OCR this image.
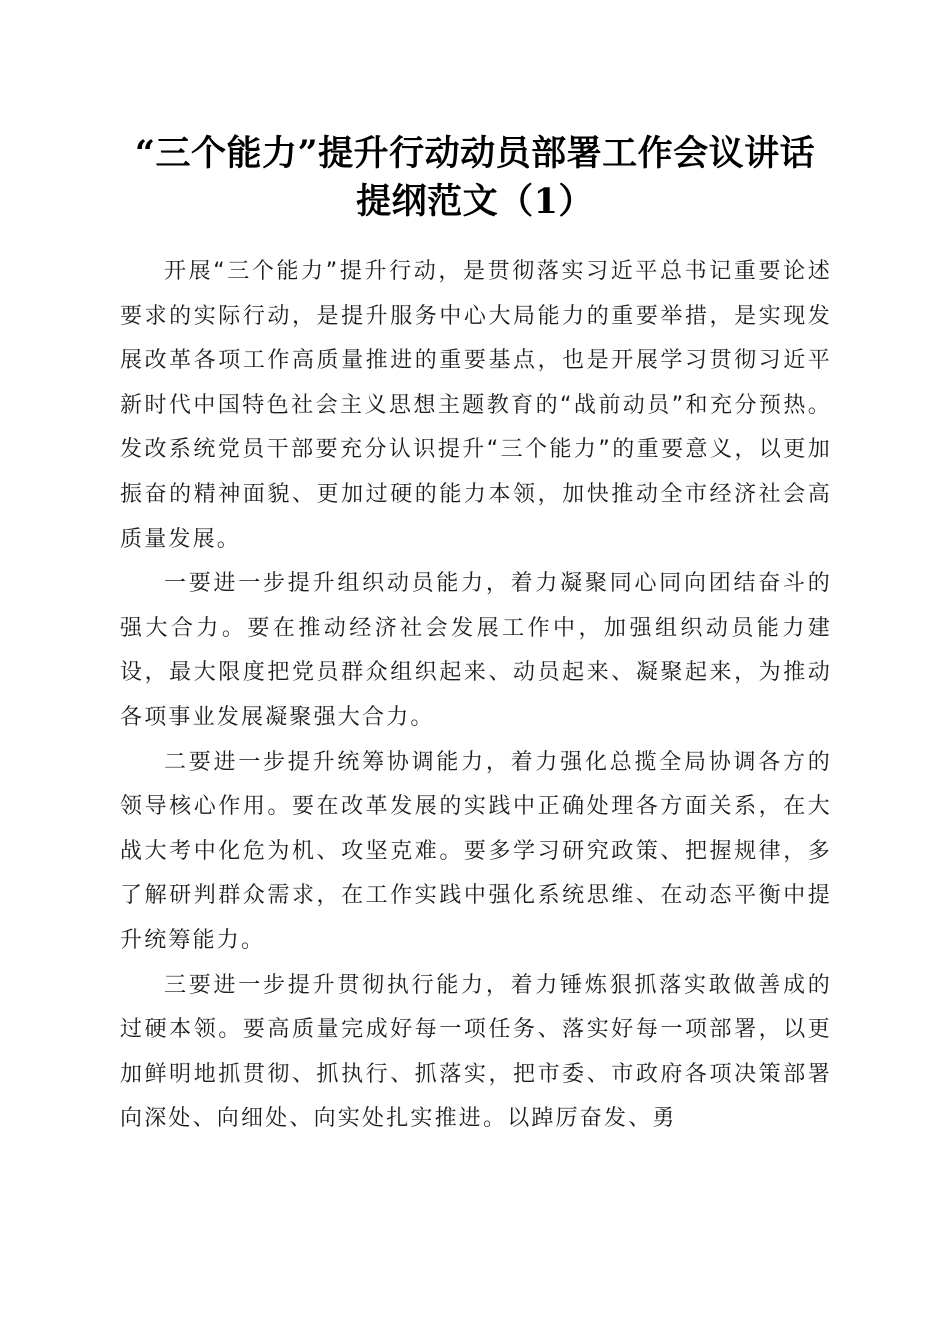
“三个能力”提升行动动员部署工作会议讲话
提纲范文（1）

开展“三个能力”提升行动，是贯彻落实习近平总书记重要论述要求的实际行动，是提升服务中心大局能力的重要举措，是实现发展改革各项工作高质量推进的重要基点，也是开展学习贯彻习近平新时代中国特色社会主义思想主题教育的“战前动员”和充分预热。发改系统党员干部要充分认识提升“三个能力”的重要意义，以更加振奋的精神面貌、更加过硬的能力本领，加快推动全市经济社会高质量发展。

一要进一步提升组织动员能力，着力凝聚同心同向团结奋斗的强大合力。要在推动经济社会发展工作中，加强组织动员能力建设，最大限度把党员群众组织起来、动员起来、凝聚起来，为推动各项事业发展凝聚强大合力。

二要进一步提升统筹协调能力，着力强化总揽全局协调各方的领导核心作用。要在改革发展的实践中正确处理各方面关系，在大战大考中化危为机、攻坚克难。要多学习研究政策、把握规律，多了解研判群众需求，在工作实践中强化系统思维、在动态平衡中提升统筹能力。

三要进一步提升贯彻执行能力，着力锤炼狠抓落实敢做善成的过硬本领。要高质量完成好每一项任务、落实好每一项部署，以更加鲜明地抓贯彻、抓执行、抓落实，把市委、市政府各项决策部署向深处、向细处、向实处扎实推进。以踔厉奋发、勇
